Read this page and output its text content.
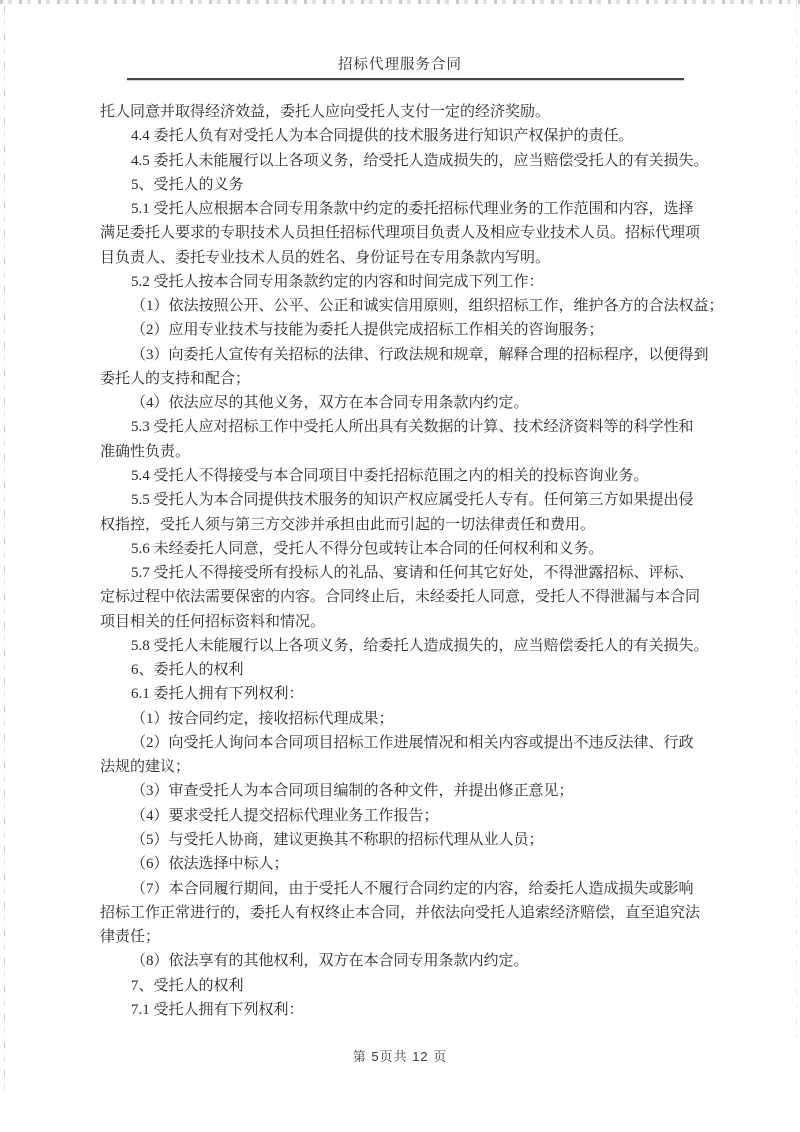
招标代理服务合同
托人同意并取得经济效益，委托人应向受托人支付一定的经济奖励。
4.4 委托人负有对受托人为本合同提供的技术服务进行知识产权保护的责任。
4.5 委托人未能履行以上各项义务，给受托人造成损失的，应当赔偿受托人的有关损失。
5、受托人的义务
5.1 受托人应根据本合同专用条款中约定的委托招标代理业务的工作范围和内容，选择
满足委托人要求的专职技术人员担任招标代理项目负责人及相应专业技术人员。招标代理项
目负责人、委托专业技术人员的姓名、身份证号在专用条款内写明。
5.2 受托人按本合同专用条款约定的内容和时间完成下列工作：
（1）依法按照公开、公平、公正和诚实信用原则，组织招标工作，维护各方的合法权益；
（2）应用专业技术与技能为委托人提供完成招标工作相关的咨询服务；
（3）向委托人宣传有关招标的法律、行政法规和规章，解释合理的招标程序，以便得到
委托人的支持和配合；
（4）依法应尽的其他义务，双方在本合同专用条款内约定。
5.3 受托人应对招标工作中受托人所出具有关数据的计算、技术经济资料等的科学性和
准确性负责。
5.4 受托人不得接受与本合同项目中委托招标范围之内的相关的投标咨询业务。
5.5 受托人为本合同提供技术服务的知识产权应属受托人专有。任何第三方如果提出侵
权指控，受托人须与第三方交涉并承担由此而引起的一切法律责任和费用。
5.6 未经委托人同意，受托人不得分包或转让本合同的任何权利和义务。
5.7 受托人不得接受所有投标人的礼品、宴请和任何其它好处，不得泄露招标、评标、
定标过程中依法需要保密的内容。合同终止后，未经委托人同意，受托人不得泄漏与本合同
项目相关的任何招标资料和情况。
5.8 受托人未能履行以上各项义务，给委托人造成损失的，应当赔偿委托人的有关损失。
6、委托人的权利
6.1 委托人拥有下列权利：
（1）按合同约定，接收招标代理成果；
（2）向受托人询问本合同项目招标工作进展情况和相关内容或提出不违反法律、行政
法规的建议；
（3）审查受托人为本合同项目编制的各种文件，并提出修正意见；
（4）要求受托人提交招标代理业务工作报告；
（5）与受托人协商，建议更换其不称职的招标代理从业人员；
（6）依法选择中标人；
（7）本合同履行期间，由于受托人不履行合同约定的内容，给委托人造成损失或影响
招标工作正常进行的，委托人有权终止本合同，并依法向受托人追索经济赔偿，直至追究法
律责任；
（8）依法享有的其他权利，双方在本合同专用条款内约定。
7、受托人的权利
7.1 受托人拥有下列权利：
第 5页共 12 页
